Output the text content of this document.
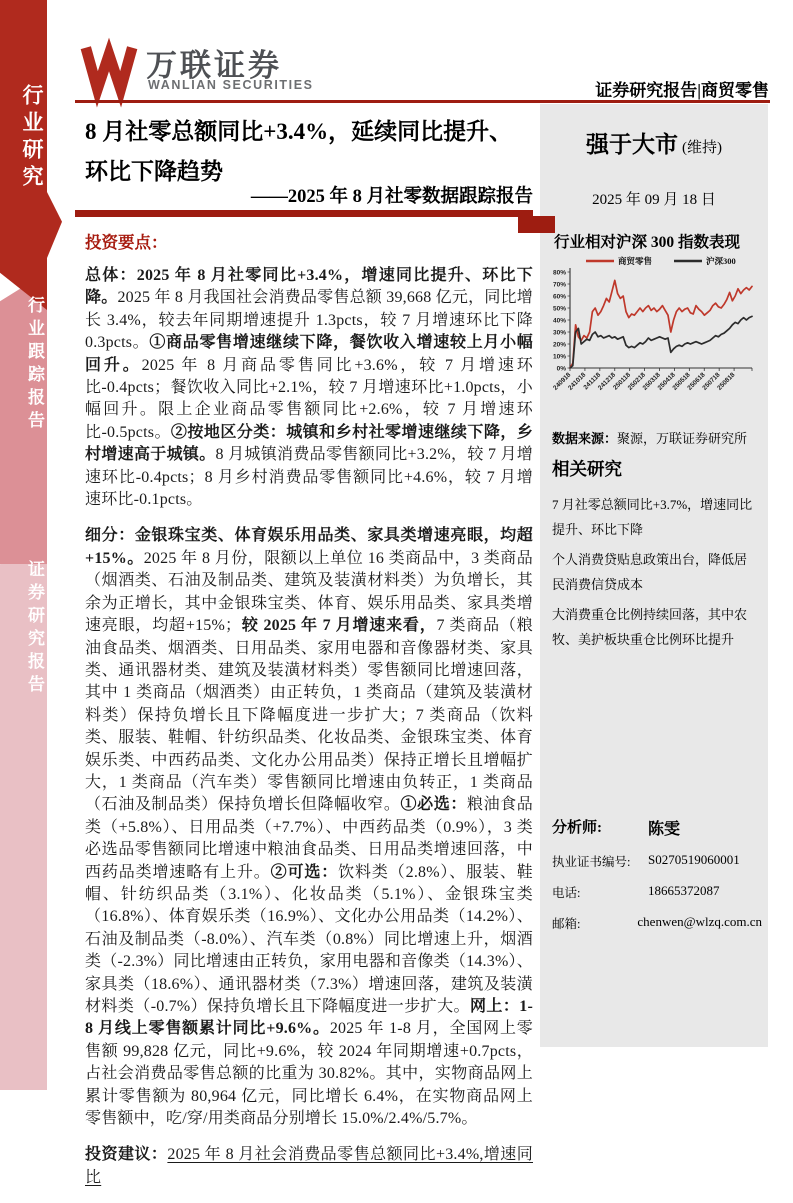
行业研究
行业跟踪报告
证券研究报告
万联证券
WANLIAN SECURITIES	证券研究报告|商贸零售
8 月社零总额同比+3.4%，延续同比提升、环比下降趋势
——2025 年 8 月社零数据跟踪报告
投资要点：

总体：2025 年 8 月社零同比+3.4%，增速同比提升、环比下降。2025 年 8 月我国社会消费品零售总额 39,668 亿元，同比增长 3.4%，较去年同期增速提升 1.3pcts，较 7 月增速环比下降 0.3pcts。①商品零售增速继续下降，餐饮收入增速较上月小幅回升。2025 年 8 月商品零售同比+3.6%，较 7 月增速环比-0.4pcts；餐饮收入同比+2.1%，较 7 月增速环比+1.0pcts，小幅回升。限上企业商品零售额同比+2.6%，较 7 月增速环比-0.5pcts。②按地区分类：城镇和乡村社零增速继续下降，乡村增速高于城镇。8 月城镇消费品零售额同比+3.2%，较 7 月增速环比-0.4pcts；8 月乡村消费品零售额同比+4.6%，较 7 月增速环比-0.1pcts。

细分：金银珠宝类、体育娱乐用品类、家具类增速亮眼，均超+15%。2025 年 8 月份，限额以上单位 16 类商品中，3 类商品（烟酒类、石油及制品类、建筑及装潢材料类）为负增长，其余为正增长，其中金银珠宝类、体育、娱乐用品类、家具类增速亮眼，均超+15%；较 2025 年 7 月增速来看，7 类商品（粮油食品类、烟酒类、日用品类、家用电器和音像器材类、家具类、通讯器材类、建筑及装潢材料类）零售额同比增速回落，其中 1 类商品（烟酒类）由正转负，1 类商品（建筑及装潢材料类）保持负增长且下降幅度进一步扩大；7 类商品（饮料类、服装、鞋帽、针纺织品类、化妆品类、金银珠宝类、体育娱乐类、中西药品类、文化办公用品类）保持正增长且增幅扩大，1 类商品（汽车类）零售额同比增速由负转正，1 类商品（石油及制品类）保持负增长但降幅收窄。①必选：粮油食品类（+5.8%）、日用品类（+7.7%）、中西药品类（0.9%），3 类必选品零售额同比增速中粮油食品类、日用品类增速回落，中西药品类增速略有上升。②可选：饮料类（2.8%）、服装、鞋帽、针纺织品类（3.1%）、化妆品类（5.1%）、金银珠宝类（16.8%）、体育娱乐类（16.9%）、文化办公用品类（14.2%）、石油及制品类（-8.0%）、汽车类（0.8%）同比增速上升，烟酒类（-2.3%）同比增速由正转负，家用电器和音像类（14.3%）、家具类（18.6%）、通讯器材类（7.3%）增速回落，建筑及装潢材料类（-0.7%）保持负增长且下降幅度进一步扩大。网上：1-8 月线上零售额累计同比+9.6%。2025 年 1-8 月，全国网上零售额 99,828 亿元，同比+9.6%，较 2024 年同期增速+0.7pcts，占社会消费品零售总额的比重为 30.82%。其中，实物商品网上累计零售额为 80,964 亿元，同比增长 6.4%，在实物商品网上零售额中，吃/穿/用类商品分别增长 15.0%/2.4%/5.7%。

投资建议：2025 年 8 月社会消费品零售总额同比+3.4%,增速同比

强于大市 (维持)
2025 年 09 月 18 日
行业相对沪深 300 指数表现
0%
10%
20%
30%
40%
50%
60%
70%
80%
240918
241018
241118
241218
250118
250218
250318
250418
250518
250618
250718
250818
商贸零售	沪深300
数据来源：聚源，万联证券研究所
相关研究
7 月社零总额同比+3.7%，增速同比提升、环比下降
个人消费贷贴息政策出台，降低居民消费信贷成本
大消费重仓比例持续回落，其中农牧、美护板块重仓比例环比提升
分析师:	陈雯
执业证书编号:	S0270519060001
电话:	18665372087
邮箱:	chenwen@wlzq.com.cn
